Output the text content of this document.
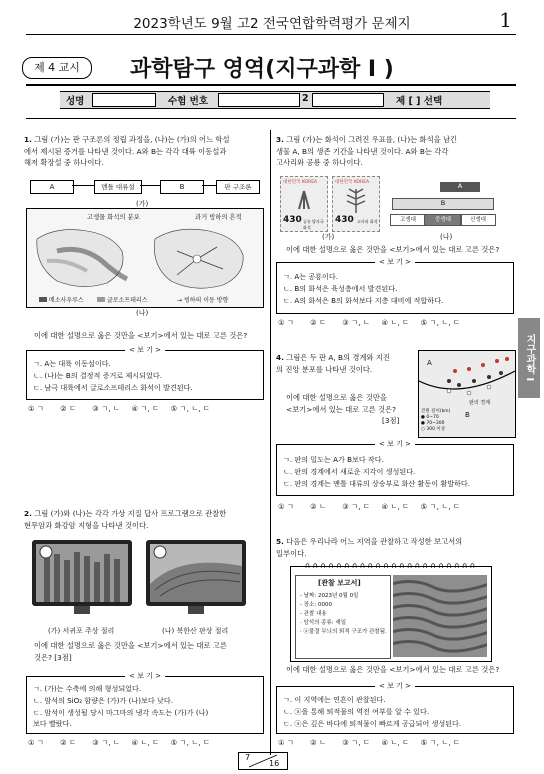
2023학년도 9월 고2 전국연합학력평가 문제지	1
제 4 교시	과학탐구 영역(지구과학 I )
성명	수험 번호	2	제 [ ] 선택
지구과학 I
1. 그림 (가)는 판 구조론의 정립 과정을, (나)는 (가)의 어느 학설
에서 제시된 증거를 나타낸 것이다. A와 B는 각각 대륙 이동설과
해저 확장설 중 하나이다.
A	맨틀 대류설	B	판 구조론
(가)
고생물 화석의 분포	과거 빙하의 흔적
메소사우루스	글로소프테리스	→ 빙하의 이동 방향
(나)
이에 대한 설명으로 옳은 것만을 <보기>에서 있는 대로 고른 것은?
< 보 기 >
ㄱ. A는 대륙 이동설이다.
ㄴ. (나)는 B의 결정적 증거로 제시되었다.
ㄷ. 남극 대륙에서 글로소프테리스 화석이 발견된다.
① ㄱ       ② ㄷ       ③ ㄱ, ㄴ     ④ ㄱ, ㄷ     ⑤ ㄱ, ㄴ, ㄷ
2. 그림 (가)와 (나)는 각각 가상 지질 답사 프로그램으로 관찰한
현무암과 화강암 지형을 나타낸 것이다.
(가) 서귀포 주상 절리	(나) 북한산 판상 절리
이에 대한 설명으로 옳은 것만을 <보기>에서 있는 대로 고른
것은? [3점]
< 보 기 >
ㄱ. (가)는 수축에 의해 형성되었다.
ㄴ. 암석의 SiO₂ 함량은 (가)가 (나)보다 낮다.
ㄷ. 암석이 생성될 당시 마그마의 냉각 속도는 (가)가 (나)
보다 빨랐다.
① ㄱ       ② ㄷ       ③ ㄱ, ㄴ     ④ ㄴ, ㄷ     ⑤ ㄱ, ㄴ, ㄷ
3. 그림 (가)는 화석이 그려진 우표를, (나)는 화석을 남긴
생물 A, B의 생존 기간을 나타낸 것이다. A와 B는 각각
고사리와 공룡 중 하나이다.
대한민국 KOREA
430 공룡 발자국 화석
대한민국 KOREA
430 고사리 화석
A
B
고생대	중생대	신생대
(가)	(나)
이에 대한 설명으로 옳은 것만을 <보기>에서 있는 대로 고른 것은?
< 보 기 >
ㄱ. A는 공룡이다.
ㄴ. B의 화석은 육성층에서 발견된다.
ㄷ. A의 화석은 B의 화석보다 지층 대비에 적합하다.
① ㄱ       ② ㄷ       ③ ㄱ, ㄴ     ④ ㄴ, ㄷ     ⑤ ㄱ, ㄴ, ㄷ
4. 그림은 두 판 A, B의 경계와 지진
의 진앙 분포를 나타낸 것이다.
이에 대한 설명으로 옳은 것만을
<보기>에서 있는 대로 고른 것은?
[3점]
A
B
판의 경계
진원 깊이(km)
● 0~70
● 70~300
○ 300 이상
< 보 기 >
ㄱ. 판의 밀도는 A가 B보다 작다.
ㄴ. 판의 경계에서 새로운 지각이 생성된다.
ㄷ. 판의 경계는 맨틀 대류의 상승부로 화산 활동이 활발하다.
① ㄱ       ② ㄴ       ③ ㄱ, ㄷ     ④ ㄴ, ㄷ     ⑤ ㄱ, ㄴ, ㄷ
5. 다음은 우리나라 어느 지역을 관찰하고 작성한 보고서의
일부이다.
∩∩∩∩∩∩∩∩∩∩∩∩∩∩∩∩∩∩∩∩∩∩
[관찰 보고서]
- 날짜: 2023년 0월 0일
- 장소: 0000
- 관찰 내용
· 암석의 종류: 셰일
· ⓐ물결 무늬의 퇴적 구조가 관찰됨.
이에 대한 설명으로 옳은 것만을 <보기>에서 있는 대로 고른 것은?
< 보 기 >
ㄱ. 이 지역에는 연흔이 관찰된다.
ㄴ. ⓐ을 통해 퇴적물의 역전 여부를 알 수 있다.
ㄷ. ⓐ은 깊은 바다에 퇴적물이 빠르게 공급되어 생성된다.
① ㄱ       ② ㄴ       ③ ㄱ, ㄷ     ④ ㄴ, ㄷ     ⑤ ㄱ, ㄴ, ㄷ
7
16
